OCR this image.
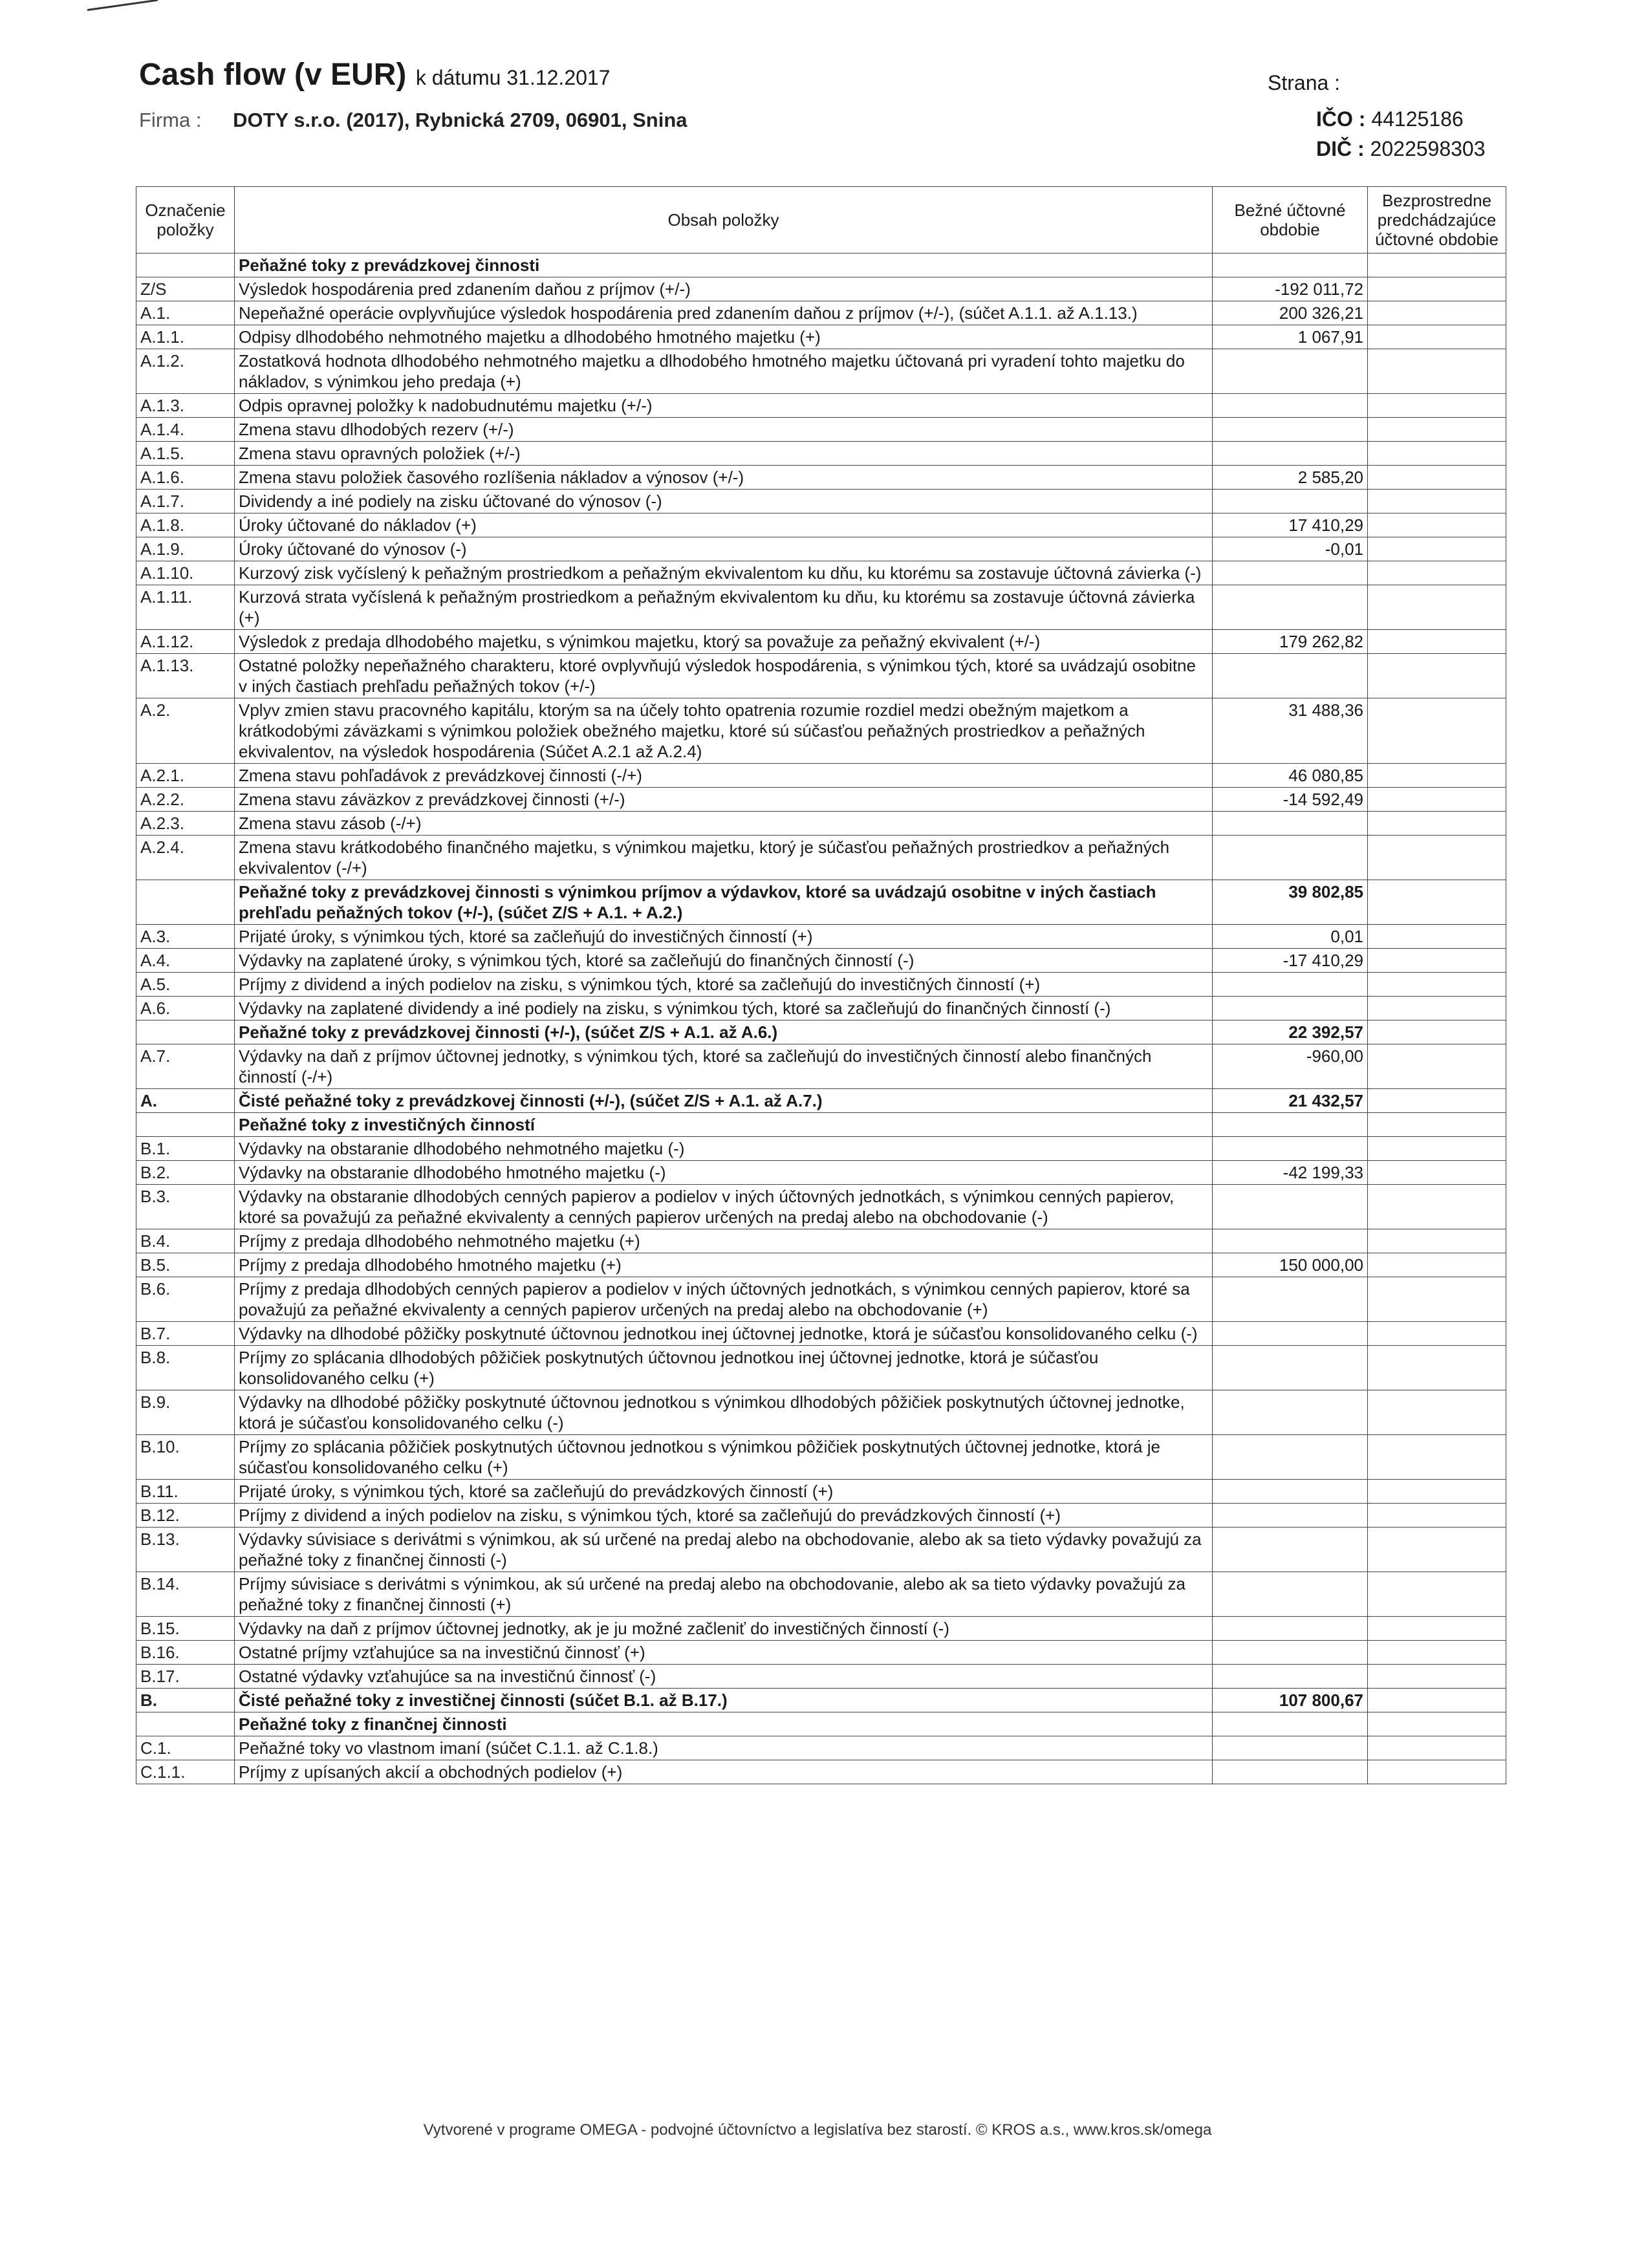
Cash flow (v EUR) k dátumu 31.12.2017
Firma : DOTY s.r.o. (2017), Rybnická 2709, 06901, Snina
Strana :
IČO : 44125186
DIČ : 2022598303
Označenie položky	Obsah položky	Bežné účtovné obdobie	Bezprostredne predchádzajúce účtovné obdobie
	Peňažné toky z prevádzkovej činnosti		
Z/S	Výsledok hospodárenia pred zdanením daňou z príjmov (+/-)	-192 011,72	
A.1.	Nepeňažné operácie ovplyvňujúce výsledok hospodárenia pred zdanením daňou z príjmov (+/-), (súčet A.1.1. až A.1.13.)	200 326,21	
A.1.1.	Odpisy dlhodobého nehmotného majetku a dlhodobého hmotného majetku (+)	1 067,91	
A.1.2.	Zostatková hodnota dlhodobého nehmotného majetku a dlhodobého hmotného majetku účtovaná pri vyradení tohto majetku do nákladov, s výnimkou jeho predaja (+)		
A.1.3.	Odpis opravnej položky k nadobudnutému majetku (+/-)		
A.1.4.	Zmena stavu dlhodobých rezerv (+/-)		
A.1.5.	Zmena stavu opravných položiek (+/-)		
A.1.6.	Zmena stavu položiek časového rozlíšenia nákladov a výnosov (+/-)	2 585,20	
A.1.7.	Dividendy a iné podiely na zisku účtované do výnosov (-)		
A.1.8.	Úroky účtované do nákladov (+)	17 410,29	
A.1.9.	Úroky účtované do výnosov (-)	-0,01	
A.1.10.	Kurzový zisk vyčíslený k peňažným prostriedkom a peňažným ekvivalentom ku dňu, ku ktorému sa zostavuje účtovná závierka (-)		
A.1.11.	Kurzová strata vyčíslená k peňažným prostriedkom a peňažným ekvivalentom ku dňu, ku ktorému sa zostavuje účtovná závierka (+)		
A.1.12.	Výsledok z predaja dlhodobého majetku, s výnimkou majetku, ktorý sa považuje za peňažný ekvivalent (+/-)	179 262,82	
A.1.13.	Ostatné položky nepeňažného charakteru, ktoré ovplyvňujú výsledok hospodárenia, s výnimkou tých, ktoré sa uvádzajú osobitne v iných častiach prehľadu peňažných tokov (+/-)		
A.2.	Vplyv zmien stavu pracovného kapitálu, ktorým sa na účely tohto opatrenia rozumie rozdiel medzi obežným majetkom a krátkodobými záväzkami s výnimkou položiek obežného majetku, ktoré sú súčasťou peňažných prostriedkov a peňažných ekvivalentov, na výsledok hospodárenia (Súčet A.2.1 až A.2.4)	31 488,36	
A.2.1.	Zmena stavu pohľadávok z prevádzkovej činnosti (-/+)	46 080,85	
A.2.2.	Zmena stavu záväzkov z prevádzkovej činnosti (+/-)	-14 592,49	
A.2.3.	Zmena stavu zásob (-/+)		
A.2.4.	Zmena stavu krátkodobého finančného majetku, s výnimkou majetku, ktorý je súčasťou peňažných prostriedkov a peňažných ekvivalentov (-/+)		
	Peňažné toky z prevádzkovej činnosti s výnimkou príjmov a výdavkov, ktoré sa uvádzajú osobitne v iných častiach prehľadu peňažných tokov (+/-), (súčet Z/S + A.1. + A.2.)	39 802,85	
A.3.	Prijaté úroky, s výnimkou tých, ktoré sa začleňujú do investičných činností (+)	0,01	
A.4.	Výdavky na zaplatené úroky, s výnimkou tých, ktoré sa začleňujú do finančných činností (-)	-17 410,29	
A.5.	Príjmy z dividend a iných podielov na zisku, s výnimkou tých, ktoré sa začleňujú do investičných činností (+)		
A.6.	Výdavky na zaplatené dividendy a iné podiely na zisku, s výnimkou tých, ktoré sa začleňujú do finančných činností (-)		
	Peňažné toky z prevádzkovej činnosti (+/-), (súčet Z/S + A.1. až A.6.)	22 392,57	
A.7.	Výdavky na daň z príjmov účtovnej jednotky, s výnimkou tých, ktoré sa začleňujú do investičných činností alebo finančných činností (-/+)	-960,00	
A.	Čisté peňažné toky z prevádzkovej činnosti (+/-), (súčet Z/S + A.1. až A.7.)	21 432,57	
	Peňažné toky z investičných činností		
B.1.	Výdavky na obstaranie dlhodobého nehmotného majetku (-)		
B.2.	Výdavky na obstaranie dlhodobého hmotného majetku (-)	-42 199,33	
B.3.	Výdavky na obstaranie dlhodobých cenných papierov a podielov v iných účtovných jednotkách, s výnimkou cenných papierov, ktoré sa považujú za peňažné ekvivalenty a cenných papierov určených na predaj alebo na obchodovanie (-)		
B.4.	Príjmy z predaja dlhodobého nehmotného majetku (+)		
B.5.	Príjmy z predaja dlhodobého hmotného majetku (+)	150 000,00	
B.6.	Príjmy z predaja dlhodobých cenných papierov a podielov v iných účtovných jednotkách, s výnimkou cenných papierov, ktoré sa považujú za peňažné ekvivalenty a cenných papierov určených na predaj alebo na obchodovanie (+)		
B.7.	Výdavky na dlhodobé pôžičky poskytnuté účtovnou jednotkou inej účtovnej jednotke, ktorá je súčasťou konsolidovaného celku (-)		
B.8.	Príjmy zo splácania dlhodobých pôžičiek poskytnutých účtovnou jednotkou inej účtovnej jednotke, ktorá je súčasťou konsolidovaného celku (+)		
B.9.	Výdavky na dlhodobé pôžičky poskytnuté účtovnou jednotkou s výnimkou dlhodobých pôžičiek poskytnutých účtovnej jednotke, ktorá je súčasťou konsolidovaného celku (-)		
B.10.	Príjmy zo splácania pôžičiek poskytnutých účtovnou jednotkou s výnimkou pôžičiek poskytnutých účtovnej jednotke, ktorá je súčasťou konsolidovaného celku (+)		
B.11.	Prijaté úroky, s výnimkou tých, ktoré sa začleňujú do prevádzkových činností (+)		
B.12.	Príjmy z dividend a iných podielov na zisku, s výnimkou tých, ktoré sa začleňujú do prevádzkových činností (+)		
B.13.	Výdavky súvisiace s derivátmi s výnimkou, ak sú určené na predaj alebo na obchodovanie, alebo ak sa tieto výdavky považujú za peňažné toky z finančnej činnosti (-)		
B.14.	Príjmy súvisiace s derivátmi s výnimkou, ak sú určené na predaj alebo na obchodovanie, alebo ak sa tieto výdavky považujú za peňažné toky z finančnej činnosti (+)		
B.15.	Výdavky na daň z príjmov účtovnej jednotky, ak je ju možné začleniť do investičných činností (-)		
B.16.	Ostatné príjmy vzťahujúce sa na investičnú činnosť (+)		
B.17.	Ostatné výdavky vzťahujúce sa na investičnú činnosť (-)		
B.	Čisté peňažné toky z investičnej činnosti (súčet B.1. až B.17.)	107 800,67	
	Peňažné toky z finančnej činnosti		
C.1.	Peňažné toky vo vlastnom imaní (súčet C.1.1. až C.1.8.)		
C.1.1.	Príjmy z upísaných akcií a obchodných podielov (+)		
Vytvorené v programe OMEGA - podvojné účtovníctvo a legislatíva bez starostí. © KROS a.s., www.kros.sk/omega
